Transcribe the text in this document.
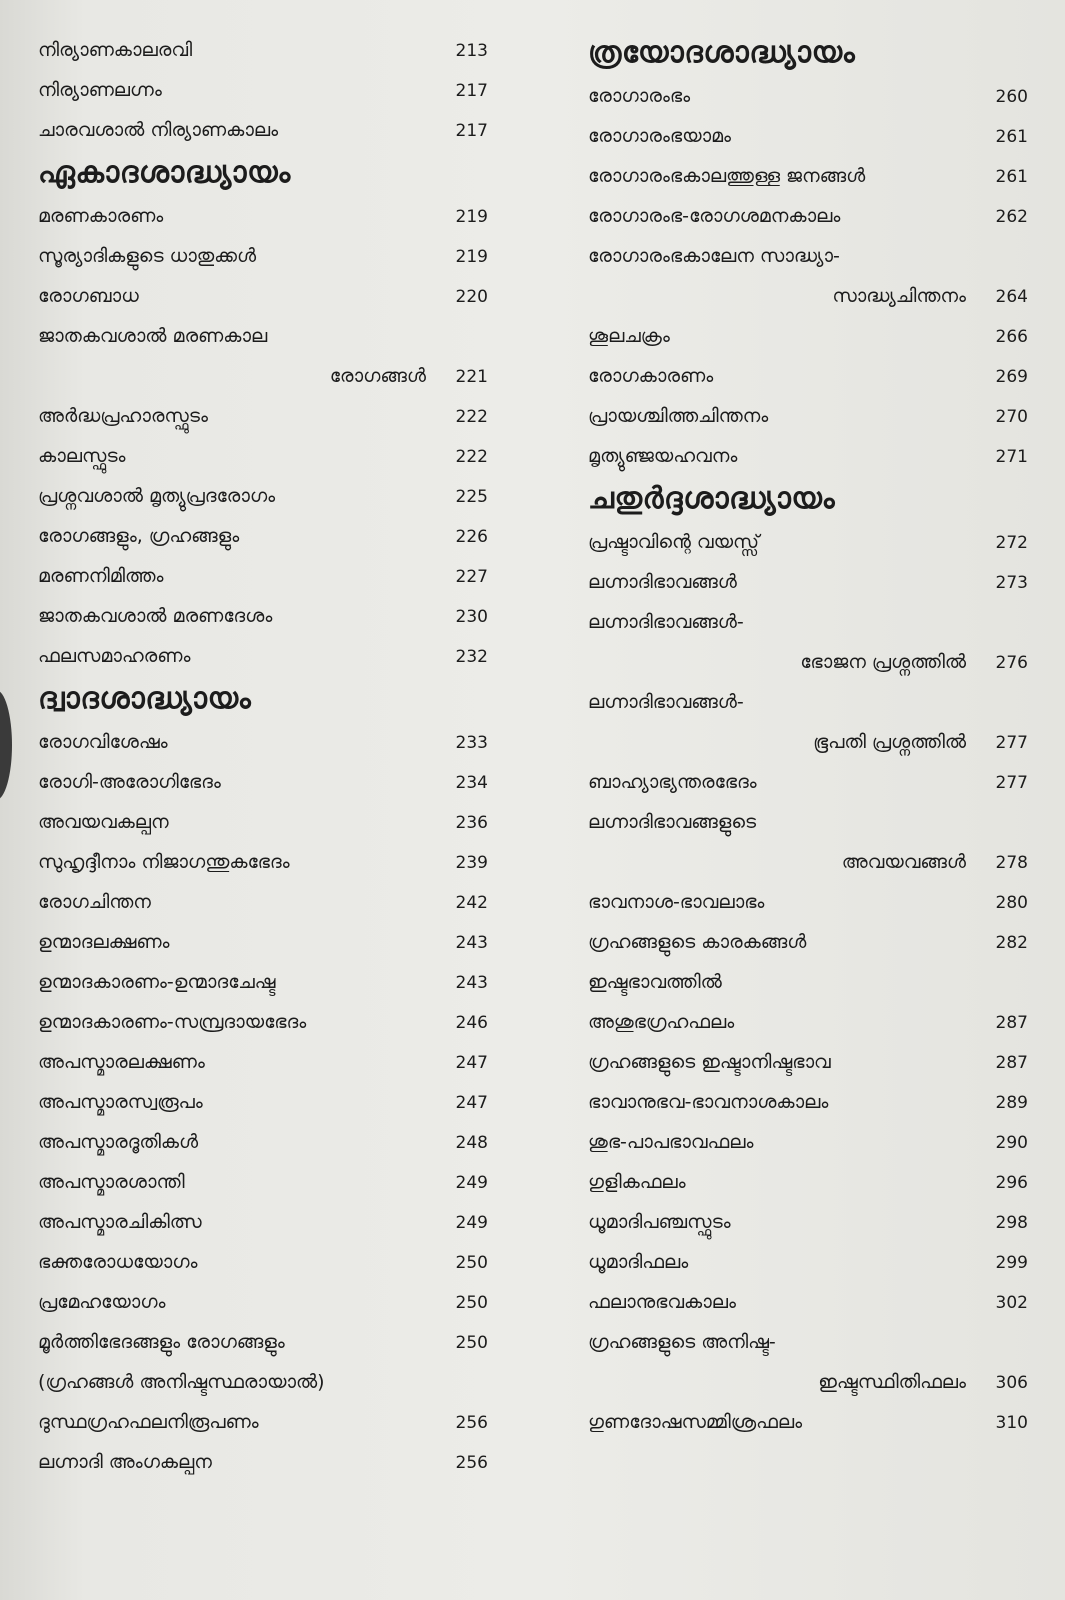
നിര്യാണകാലരവി	213
നിര്യാണലഗ്നം	217
ചാരവശാൽ നിര്യാണകാലം	217
ഏകാദശാദ്ധ്യായം
മരണകാരണം	219
സൂര്യാദികളുടെ ധാതുക്കൾ	219
രോഗബാധ	220
ജാതകവശാൽ മരണകാല
രോഗങ്ങൾ	221
അർദ്ധപ്രഹാരസ്ഫുടം	222
കാലസ്ഫുടം	222
പ്രശ്നവശാൽ മൃത്യുപ്രദരോഗം	225
രോഗങ്ങളും, ഗ്രഹങ്ങളും	226
മരണനിമിത്തം	227
ജാതകവശാൽ മരണദേശം	230
ഫലസമാഹരണം	232
ദ്വാദശാദ്ധ്യായം
രോഗവിശേഷം	233
രോഗി-അരോഗിഭേദം	234
അവയവകല്പന	236
സുഹൃദ്ദീനാം നിജാഗന്തുകഭേദം	239
രോഗചിന്തന	242
ഉന്മാദലക്ഷണം	243
ഉന്മാദകാരണം-ഉന്മാദചേഷ്ട	243
ഉന്മാദകാരണം-സമ്പ്രദായഭേദം	246
അപസ്മാരലക്ഷണം	247
അപസ്മാരസ്വരൂപം	247
അപസ്മാരദൂതികൾ	248
അപസ്മാരശാന്തി	249
അപസ്മാരചികിത്സ	249
ഭക്തരോധയോഗം	250
പ്രമേഹയോഗം	250
മൂർത്തിഭേദങ്ങളും രോഗങ്ങളും	250
(ഗ്രഹങ്ങൾ അനിഷ്ടസ്ഥരായാൽ)
ദുസ്ഥഗ്രഹഫലനിരൂപണം	256
ലഗ്നാദി അംഗകല്പന	256
ത്രയോദശാദ്ധ്യായം
രോഗാരംഭം	260
രോഗാരംഭയാമം	261
രോഗാരംഭകാലത്തുള്ള ജനങ്ങൾ	261
രോഗാരംഭ-രോഗശമനകാലം	262
രോഗാരംഭകാലേന സാദ്ധ്യാ-
സാദ്ധ്യചിന്തനം	264
ശൂലചക്രം	266
രോഗകാരണം	269
പ്രായശ്ചിത്തചിന്തനം	270
മൃത്യുഞ്ജയഹവനം	271
ചതുർദ്ദശാദ്ധ്യായം
പ്രഷ്ടാവിന്റെ വയസ്സ്	272
ലഗ്നാദിഭാവങ്ങൾ	273
ലഗ്നാദിഭാവങ്ങൾ-
ഭോജന പ്രശ്നത്തിൽ	276
ലഗ്നാദിഭാവങ്ങൾ-
ഭൂപതി പ്രശ്നത്തിൽ	277
ബാഹ്യാഭ്യന്തരഭേദം	277
ലഗ്നാദിഭാവങ്ങളുടെ
അവയവങ്ങൾ	278
ഭാവനാശ-ഭാവലാഭം	280
ഗ്രഹങ്ങളുടെ കാരകങ്ങൾ	282
ഇഷ്ടഭാവത്തിൽ
അശുഭഗ്രഹഫലം	287
ഗ്രഹങ്ങളുടെ ഇഷ്ടാനിഷ്ടഭാവ	287
ഭാവാനുഭവ-ഭാവനാശകാലം	289
ശുഭ-പാപഭാവഫലം	290
ഗുളികഫലം	296
ധൂമാദിപഞ്ചസ്ഫുടം	298
ധൂമാദിഫലം	299
ഫലാനുഭവകാലം	302
ഗ്രഹങ്ങളുടെ അനിഷ്ട-
ഇഷ്ടസ്ഥിതിഫലം	306
ഗുണദോഷസമ്മിശ്രഫലം	310
